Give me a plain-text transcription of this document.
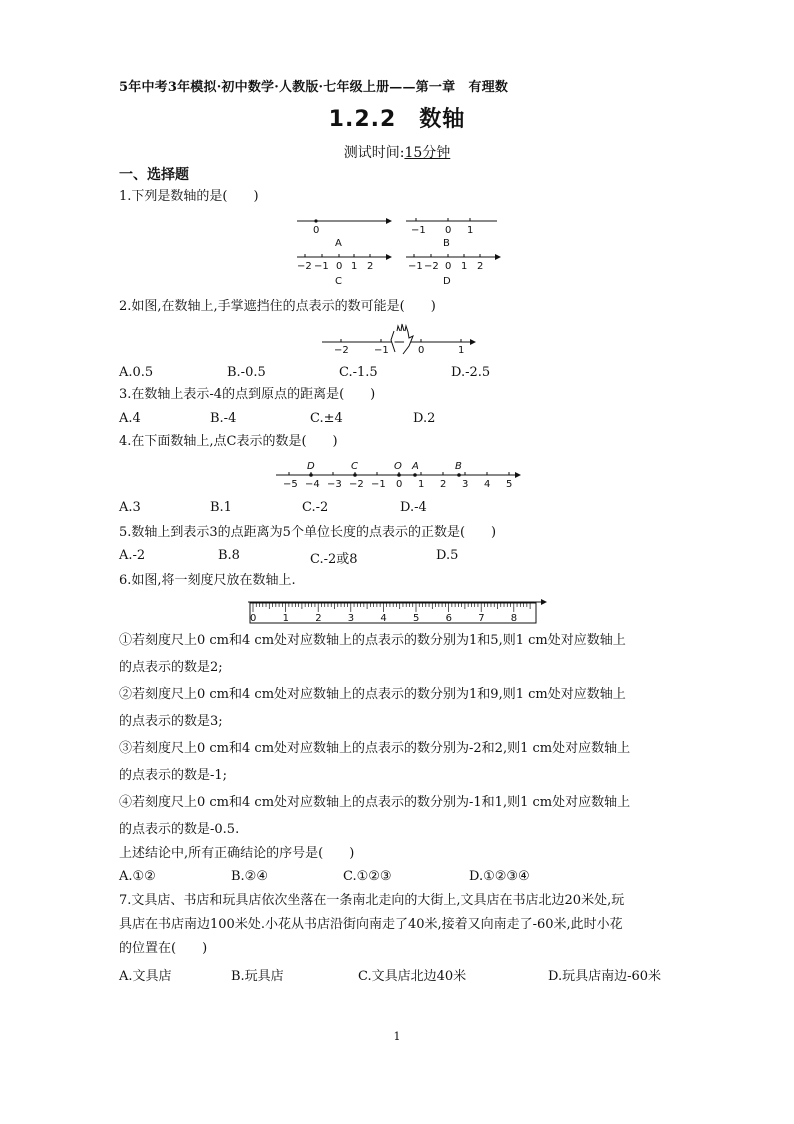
5年中考3年模拟·初中数学·人教版·七年级上册——第一章　有理数
1.2.2　数轴
测试时间:15分钟
一、选择题
1.下列是数轴的是(　　)
0
A
−1 0 1
B
−2 −1 0 1 2
C
−1 −2 0 1 2
D
−2	−1	0	1
−5 −4 −3 −2 −1 0 1 2 3 4 5
D	C	O A	B
0	1	2	3	4	5	6	7	8
2.如图,在数轴上,手掌遮挡住的点表示的数可能是(　　)
A.0.5	B.-0.5	C.-1.5	D.-2.5
3.在数轴上表示-4的点到原点的距离是(　　)
A.4	B.-4	C.±4	D.2
4.在下面数轴上,点C表示的数是(　　)
A.3	B.1	C.-2	D.-4
5.数轴上到表示3的点距离为5个单位长度的点表示的正数是(　　)
A.-2	B.8	C.-2或8	D.5
6.如图,将一刻度尺放在数轴上.
①若刻度尺上0 cm和4 cm处对应数轴上的点表示的数分别为1和5,则1 cm处对应数轴上
的点表示的数是2;
②若刻度尺上0 cm和4 cm处对应数轴上的点表示的数分别为1和9,则1 cm处对应数轴上
的点表示的数是3;
③若刻度尺上0 cm和4 cm处对应数轴上的点表示的数分别为-2和2,则1 cm处对应数轴上
的点表示的数是-1;
④若刻度尺上0 cm和4 cm处对应数轴上的点表示的数分别为-1和1,则1 cm处对应数轴上
的点表示的数是-0.5.
上述结论中,所有正确结论的序号是(　　)
A.①②	B.②④	C.①②③	D.①②③④
7.文具店、书店和玩具店依次坐落在一条南北走向的大街上,文具店在书店北边20米处,玩
具店在书店南边100米处.小花从书店沿街向南走了40米,接着又向南走了-60米,此时小花
的位置在(　　)
A.文具店	B.玩具店	C.文具店北边40米	D.玩具店南边-60米
1
